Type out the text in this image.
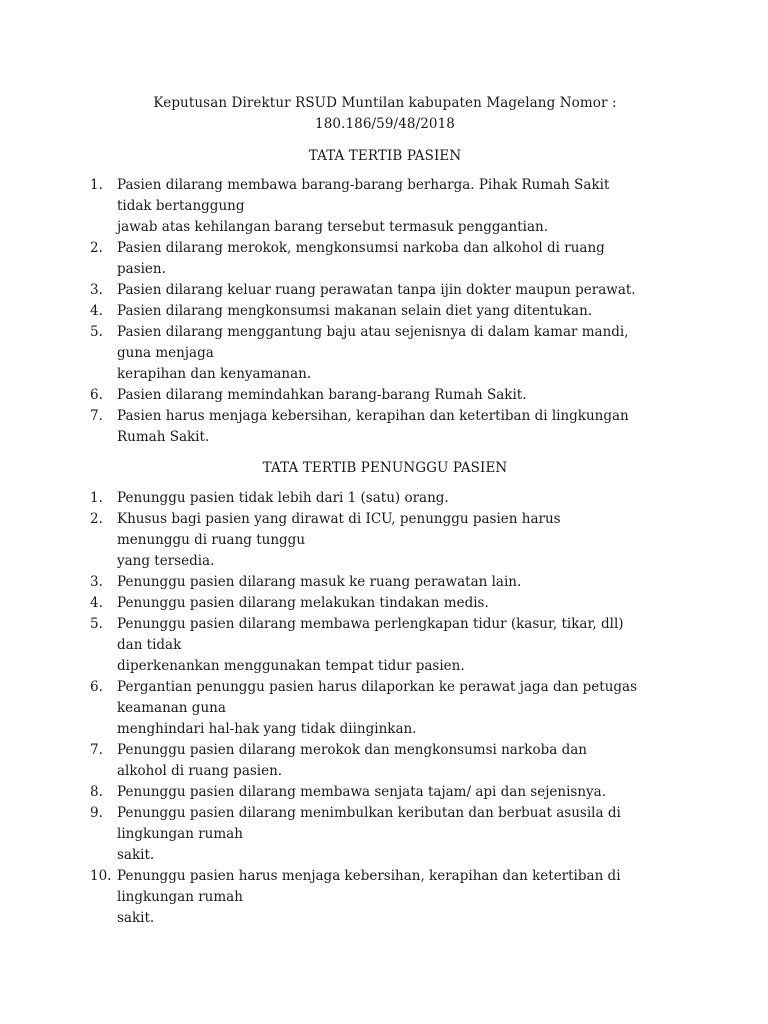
Keputusan Direktur RSUD Muntilan kabupaten Magelang Nomor :
180.186/59/48/2018
TATA TERTIB PASIEN
1. Pasien dilarang membawa barang-barang berharga. Pihak Rumah Sakit
tidak bertanggung
jawab atas kehilangan barang tersebut termasuk penggantian.
2. Pasien dilarang merokok, mengkonsumsi narkoba dan alkohol di ruang
pasien.
3. Pasien dilarang keluar ruang perawatan tanpa ijin dokter maupun perawat.
4. Pasien dilarang mengkonsumsi makanan selain diet yang ditentukan.
5. Pasien dilarang menggantung baju atau sejenisnya di dalam kamar mandi,
guna menjaga
kerapihan dan kenyamanan.
6. Pasien dilarang memindahkan barang-barang Rumah Sakit.
7. Pasien harus menjaga kebersihan, kerapihan dan ketertiban di lingkungan
Rumah Sakit.
TATA TERTIB PENUNGGU PASIEN
1. Penunggu pasien tidak lebih dari 1 (satu) orang.
2. Khusus bagi pasien yang dirawat di ICU, penunggu pasien harus
menunggu di ruang tunggu
yang tersedia.
3. Penunggu pasien dilarang masuk ke ruang perawatan lain.
4. Penunggu pasien dilarang melakukan tindakan medis.
5. Penunggu pasien dilarang membawa perlengkapan tidur (kasur, tikar, dll)
dan tidak
diperkenankan menggunakan tempat tidur pasien.
6. Pergantian penunggu pasien harus dilaporkan ke perawat jaga dan petugas
keamanan guna
menghindari hal-hak yang tidak diinginkan.
7. Penunggu pasien dilarang merokok dan mengkonsumsi narkoba dan
alkohol di ruang pasien.
8. Penunggu pasien dilarang membawa senjata tajam/ api dan sejenisnya.
9. Penunggu pasien dilarang menimbulkan keributan dan berbuat asusila di
lingkungan rumah
sakit.
10. Penunggu pasien harus menjaga kebersihan, kerapihan dan ketertiban di
lingkungan rumah
sakit.
